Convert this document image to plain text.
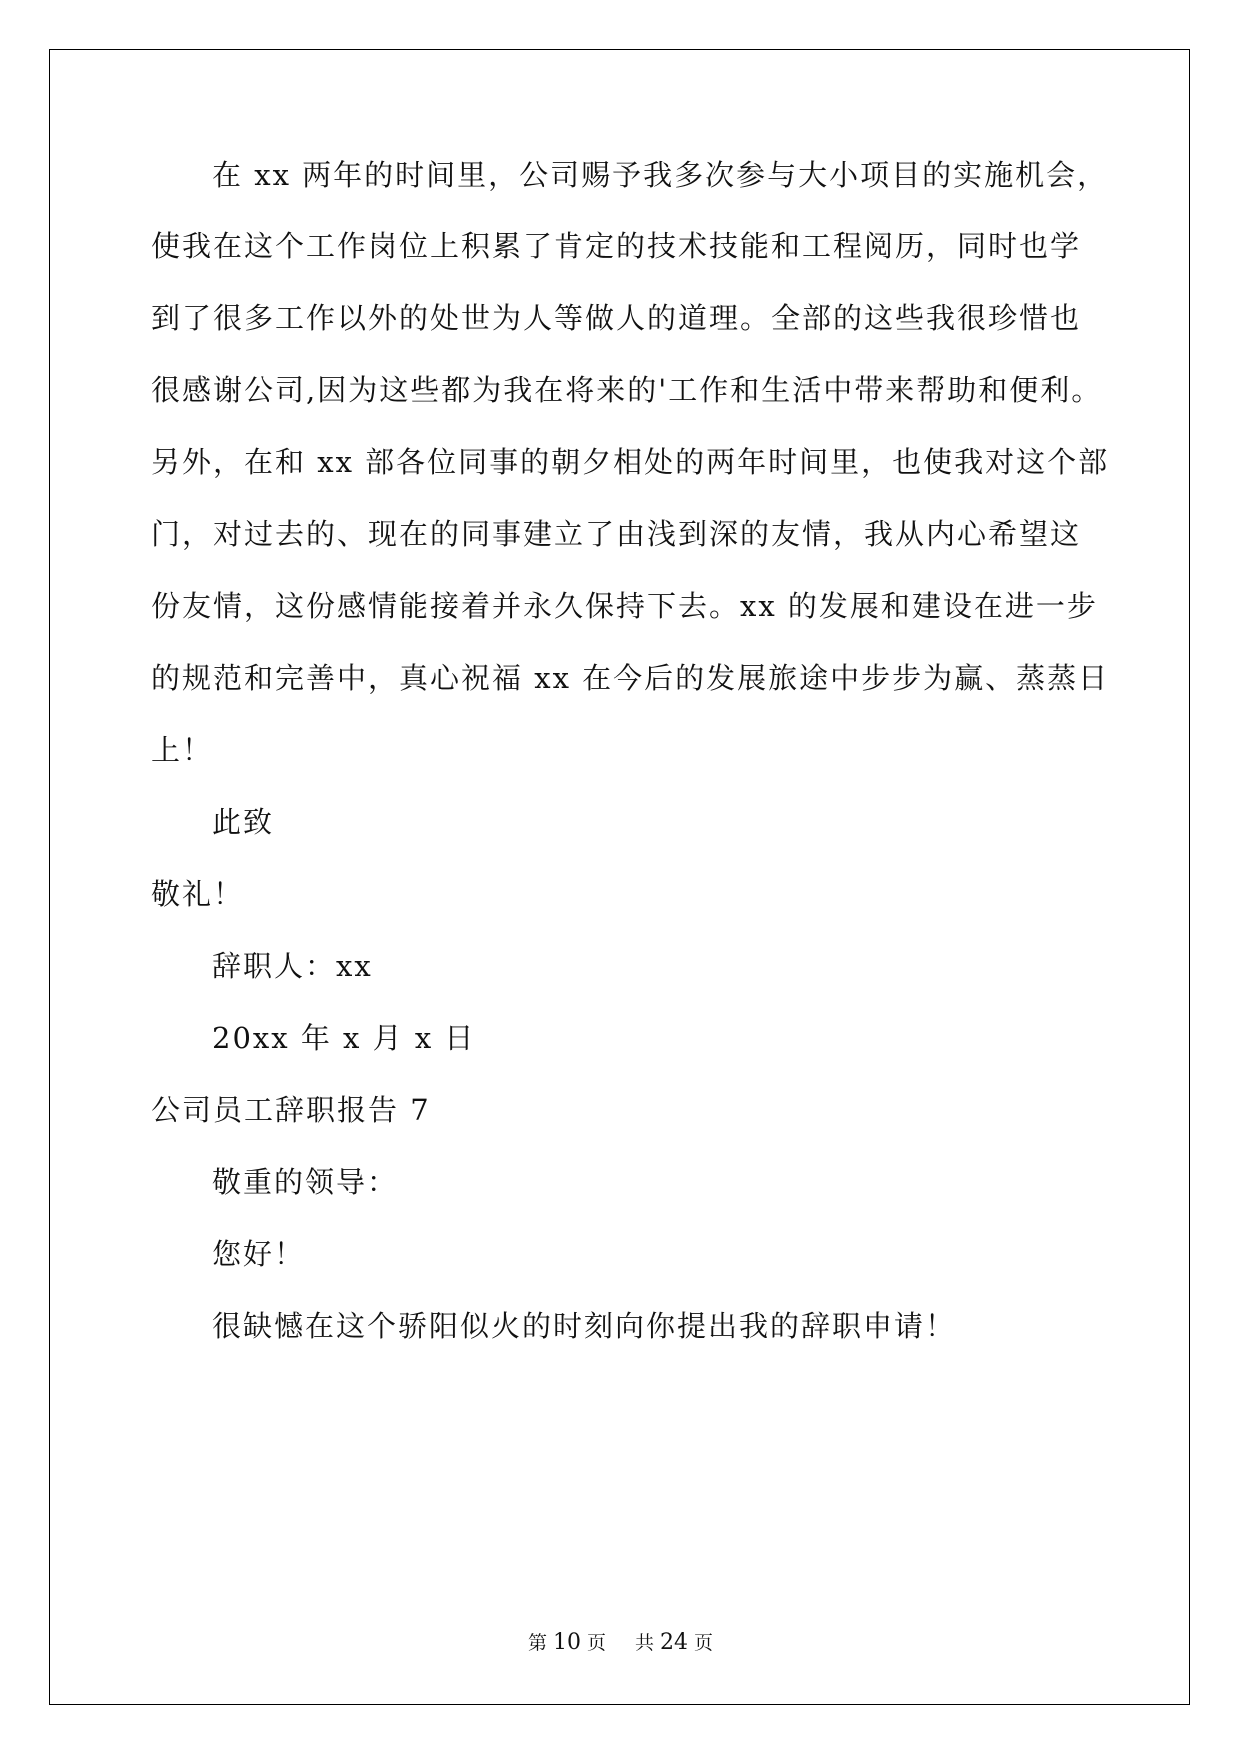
在 xx 两年的时间里，公司赐予我多次参与大小项目的实施机会，

使我在这个工作岗位上积累了肯定的技术技能和工程阅历，同时也学

到了很多工作以外的处世为人等做人的道理。全部的这些我很珍惜也

很感谢公司,因为这些都为我在将来的'工作和生活中带来帮助和便利。

另外，在和 xx 部各位同事的朝夕相处的两年时间里，也使我对这个部

门，对过去的、现在的同事建立了由浅到深的友情，我从内心希望这

份友情，这份感情能接着并永久保持下去。xx 的发展和建设在进一步

的规范和完善中，真心祝福 xx 在今后的发展旅途中步步为赢、蒸蒸日

上！

此致

敬礼！

辞职人：xx

20xx 年 x 月 x 日

公司员工辞职报告 7

敬重的领导：

您好！

很缺憾在这个骄阳似火的时刻向你提出我的辞职申请！

第 10 页 共 24 页
